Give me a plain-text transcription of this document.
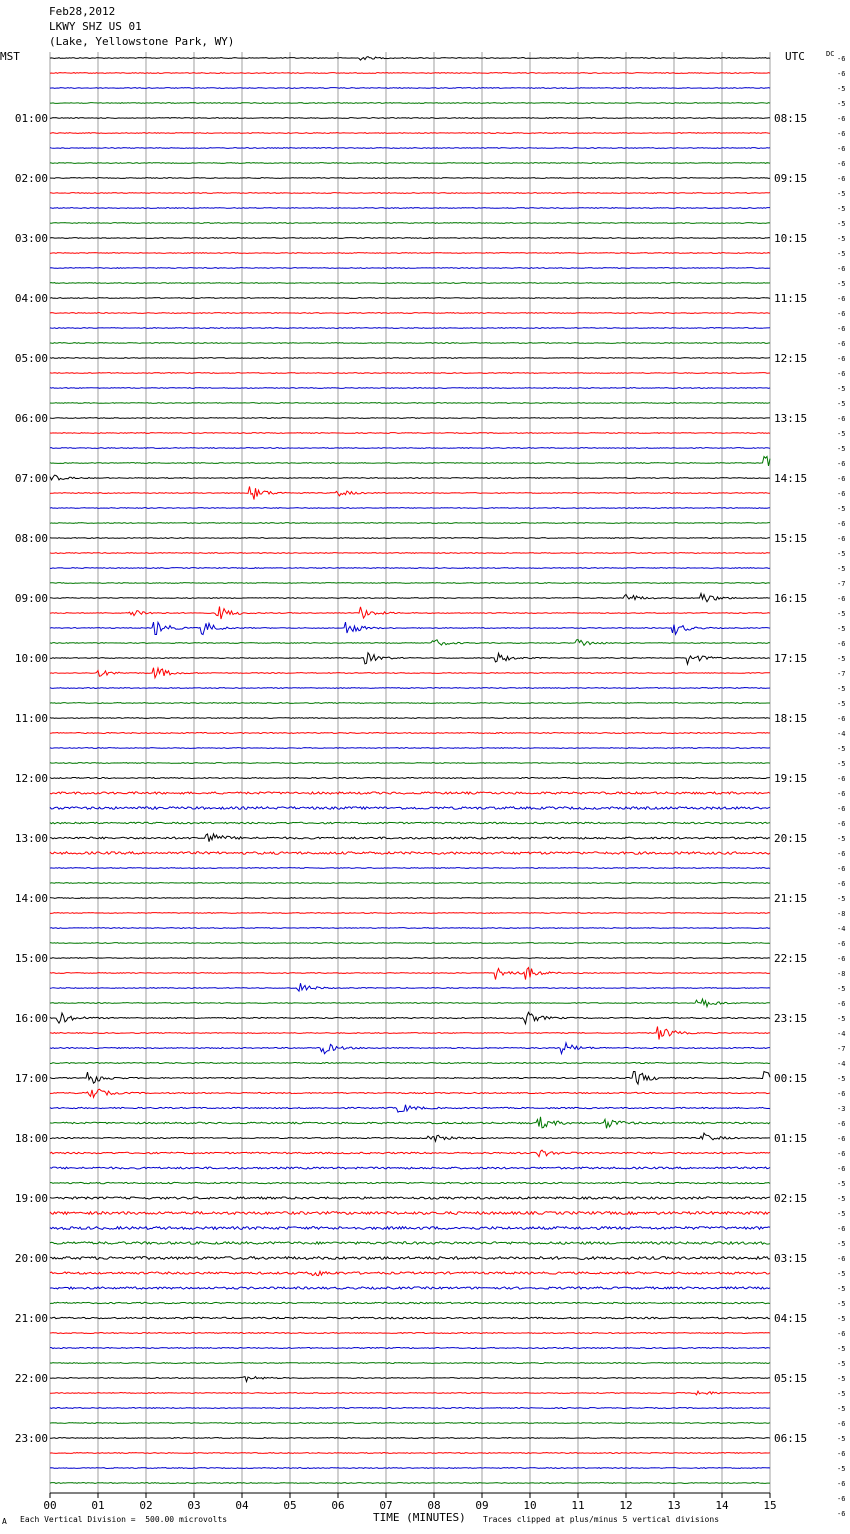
00	01	02	03	04	05	06	07	08	09	10	11	12	13	14	15
01:00
02:00
03:00
04:00
05:00
06:00
07:00
08:00
09:00
10:00
11:00
12:00
13:00
14:00
15:00
16:00
17:00
18:00
19:00
20:00
21:00
22:00
23:00
08:15
09:15
10:15
11:15
12:15
13:15
14:15
15:15
16:15
17:15
18:15
19:15
20:15
21:15
22:15
23:15
00:15
01:15
02:15
03:15
04:15
05:15
06:15
-6
-6
-5
-5
-6
-6
-6
-6
-6
-5
-5
-5
-5
-5
-6
-5
-6
-6
-6
-6
-6
-6
-5
-5
-6
-5
-5
-6
-6
-6
-5
-6
-6
-5
-5
-7
-6
-5
-5
-6
-5
-7
-5
-5
-6
-4
-5
-5
-6
-6
-6
-6
-5
-6
-6
-6
-5
-8
-4
-6
-6
-8
-5
-6
-5
-4
-7
-4
-5
-6
-3
-6
-6
-6
-6
-5
-5
-5
-6
-5
-6
-5
-5
-5
-5
-6
-5
-5
-5
-5
-5
-6
-5
-6
-5
-6
-6
-6
Feb28,2012
LKWY SHZ US 01
(Lake, Yellowstone Park, WY)
MST	UTC	DC
A Each Vertical Division =  500.00 microvolts	TIME (MINUTES) Traces clipped at plus/minus 5 vertical divisions
